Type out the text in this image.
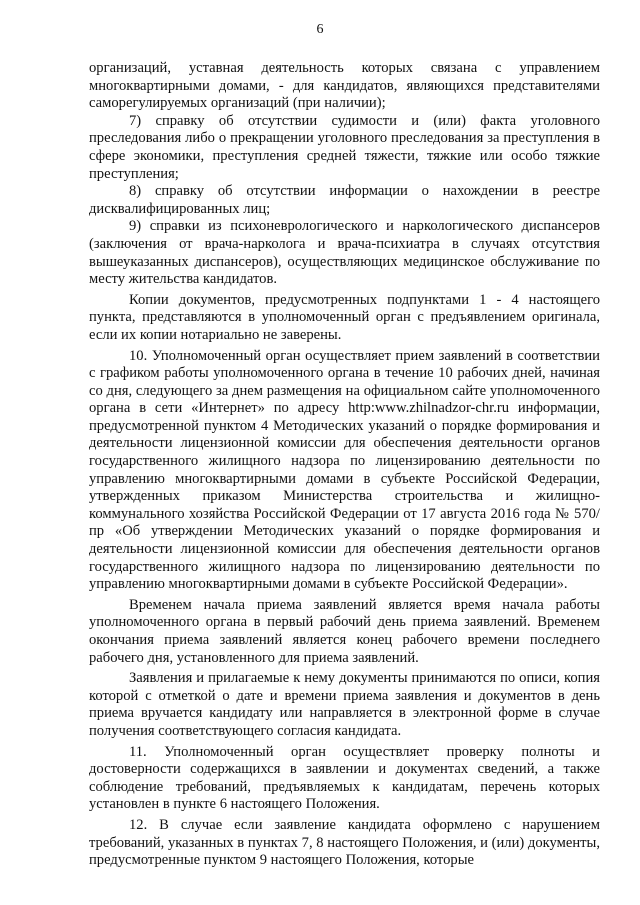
6

организаций, уставная деятельность которых связана с управлением многоквартирными домами, - для кандидатов, являющихся представителями саморегулируемых организаций (при наличии);

7) справку об отсутствии судимости и (или) факта уголовного преследования либо о прекращении уголовного преследования за преступления в сфере экономики, преступления средней тяжести, тяжкие или особо тяжкие преступления;

8) справку об отсутствии информации о нахождении в реестре дисквалифицированных лиц;

9) справки из психоневрологического и наркологического диспансеров (заключения от врача-нарколога и врача-психиатра в случаях отсутствия вышеуказанных диспансеров), осуществляющих медицинское обслуживание по месту жительства кандидатов.

Копии документов, предусмотренных подпунктами 1 - 4 настоящего пункта, представляются в уполномоченный орган с предъявлением оригинала, если их копии нотариально не заверены.

10. Уполномоченный орган осуществляет прием заявлений в соответствии с графиком работы уполномоченного органа в течение 10 рабочих дней, начиная со дня, следующего за днем размещения на официальном сайте уполномоченного органа в сети «Интернет» по адресу http:www.zhilnadzor-chr.ru информации, предусмотренной пунктом 4 Методических указаний о порядке формирования и деятельности лицензионной комиссии для обеспечения деятельности органов государственного жилищного надзора по лицензированию деятельности по управлению многоквартирными домами в субъекте Российской Федерации, утвержденных приказом Министерства строительства и жилищно-коммунального хозяйства Российской Федерации от 17 августа 2016 года № 570/пр «Об утверждении Методических указаний о порядке формирования и деятельности лицензионной комиссии для обеспечения деятельности органов государственного жилищного надзора по лицензированию деятельности по управлению многоквартирными домами в субъекте Российской Федерации».

Временем начала приема заявлений является время начала работы уполномоченного органа в первый рабочий день приема заявлений. Временем окончания приема заявлений является конец рабочего времени последнего рабочего дня, установленного для приема заявлений.

Заявления и прилагаемые к нему документы принимаются по описи, копия которой с отметкой о дате и времени приема заявления и документов в день приема вручается кандидату или направляется в электронной форме в случае получения соответствующего согласия кандидата.

11. Уполномоченный орган осуществляет проверку полноты и достоверности содержащихся в заявлении и документах сведений, а также соблюдение требований, предъявляемых к кандидатам, перечень которых установлен в пункте 6 настоящего Положения.

12. В случае если заявление кандидата оформлено с нарушением требований, указанных в пунктах 7, 8 настоящего Положения, и (или) документы, предусмотренные пунктом 9 настоящего Положения, которые
